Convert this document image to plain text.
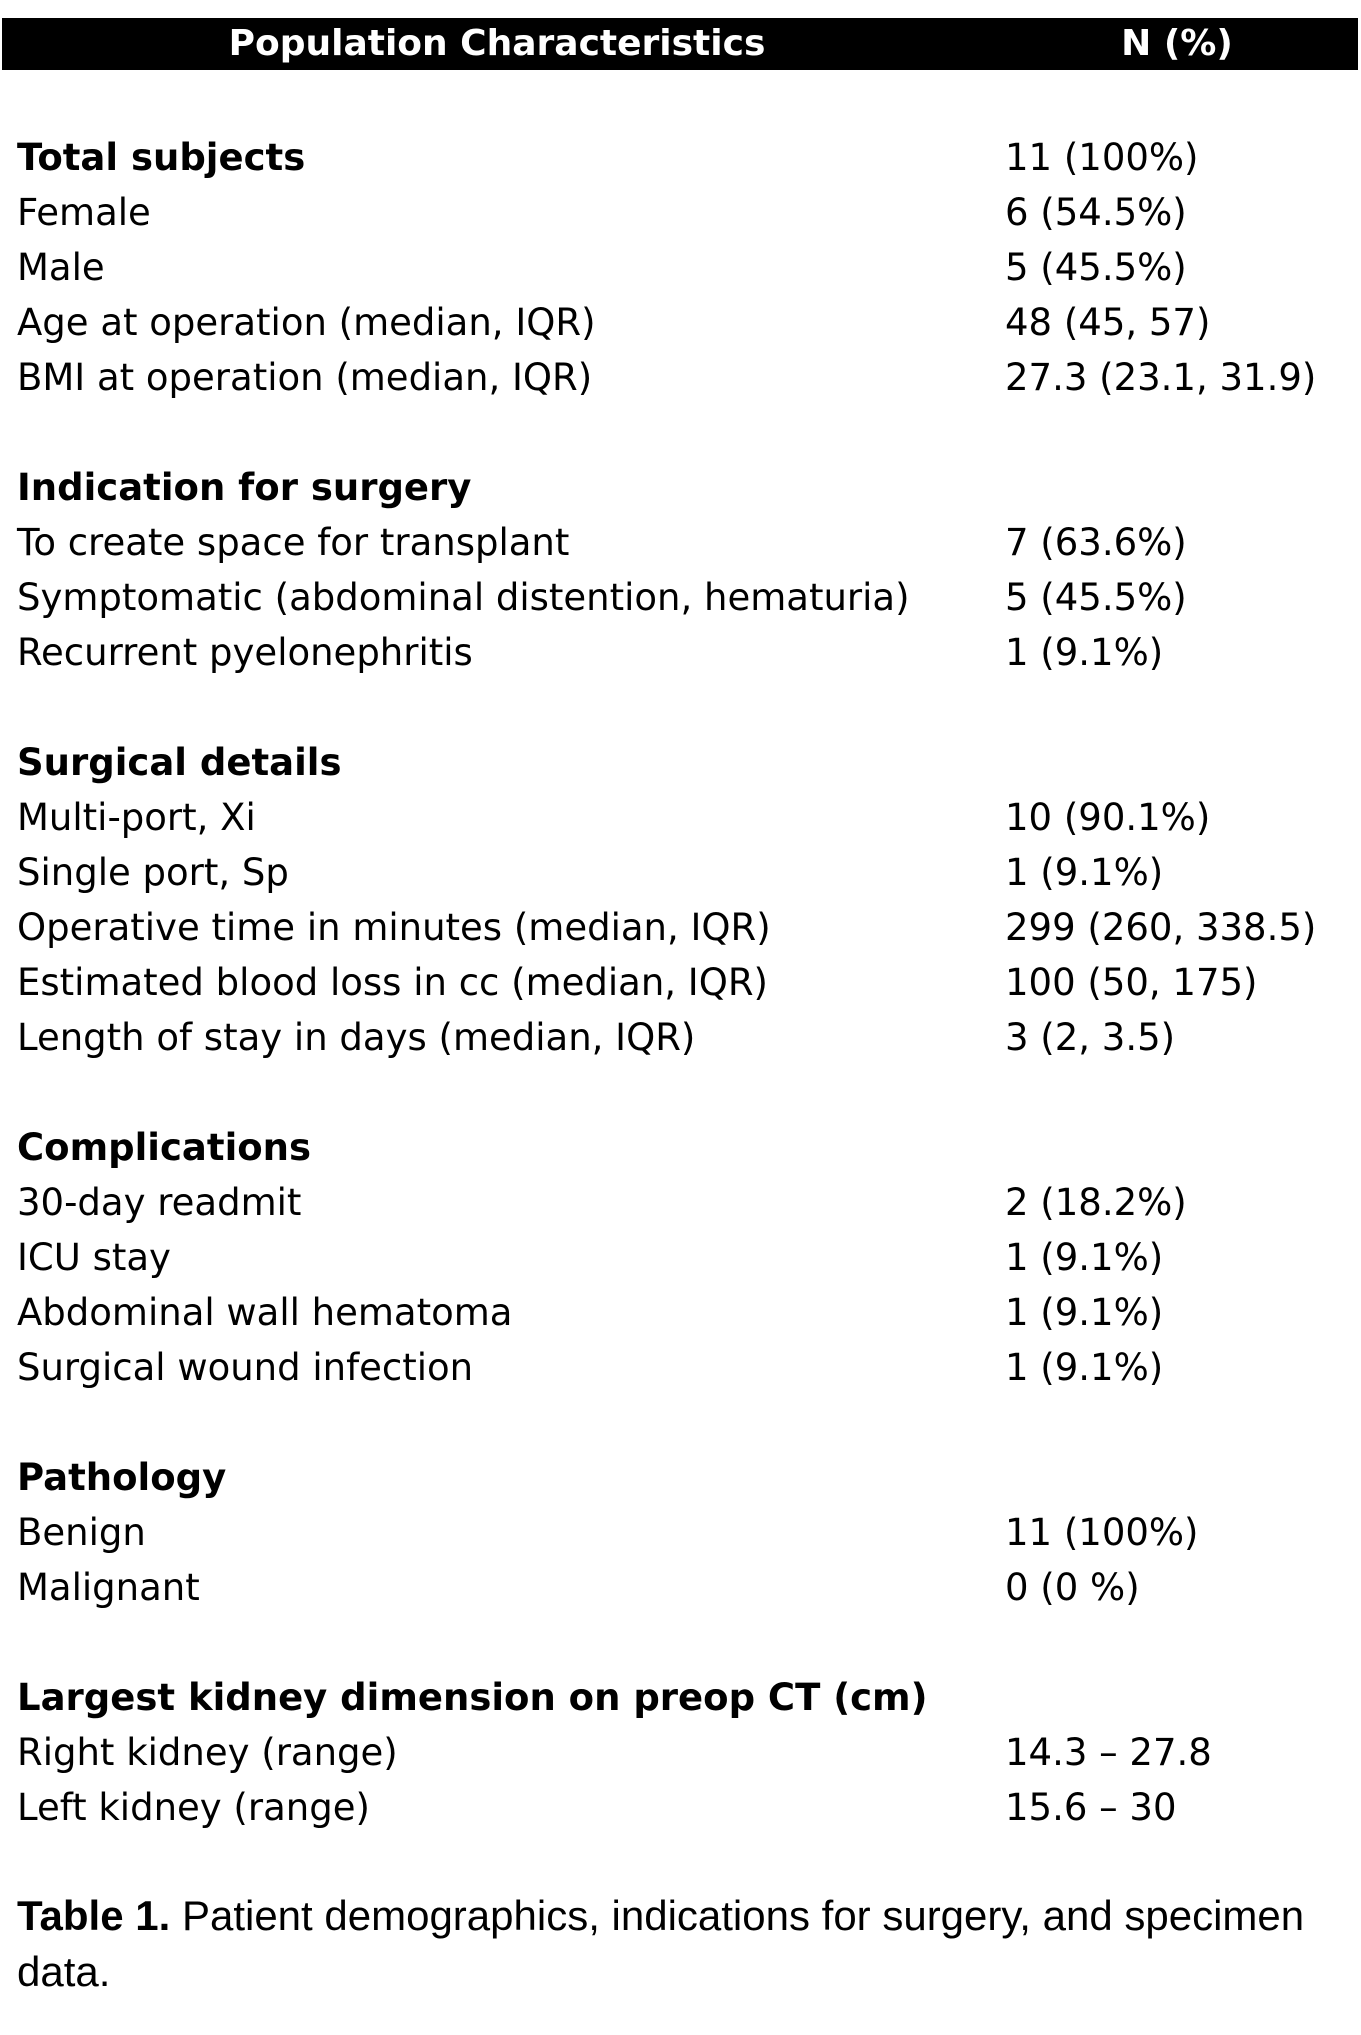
Population Characteristics	N (%)
Total subjects	11 (100%)
Female	6 (54.5%)
Male	5 (45.5%)
Age at operation (median, IQR)	48 (45, 57)
BMI at operation (median, IQR)	27.3 (23.1, 31.9)
Indication for surgery
To create space for transplant	7 (63.6%)
Symptomatic (abdominal distention, hematuria)	5 (45.5%)
Recurrent pyelonephritis	1 (9.1%)
Surgical details
Multi-port, Xi	10 (90.1%)
Single port, Sp	1 (9.1%)
Operative time in minutes (median, IQR)	299 (260, 338.5)
Estimated blood loss in cc (median, IQR)	100 (50, 175)
Length of stay in days (median, IQR)	3 (2, 3.5)
Complications
30-day readmit	2 (18.2%)
ICU stay	1 (9.1%)
Abdominal wall hematoma	1 (9.1%)
Surgical wound infection	1 (9.1%)
Pathology
Benign	11 (100%)
Malignant	0 (0 %)
Largest kidney dimension on preop CT (cm)
Right kidney (range)	14.3 – 27.8
Left kidney (range)	15.6 – 30
Table 1. Patient demographics, indications for surgery, and specimen data.
